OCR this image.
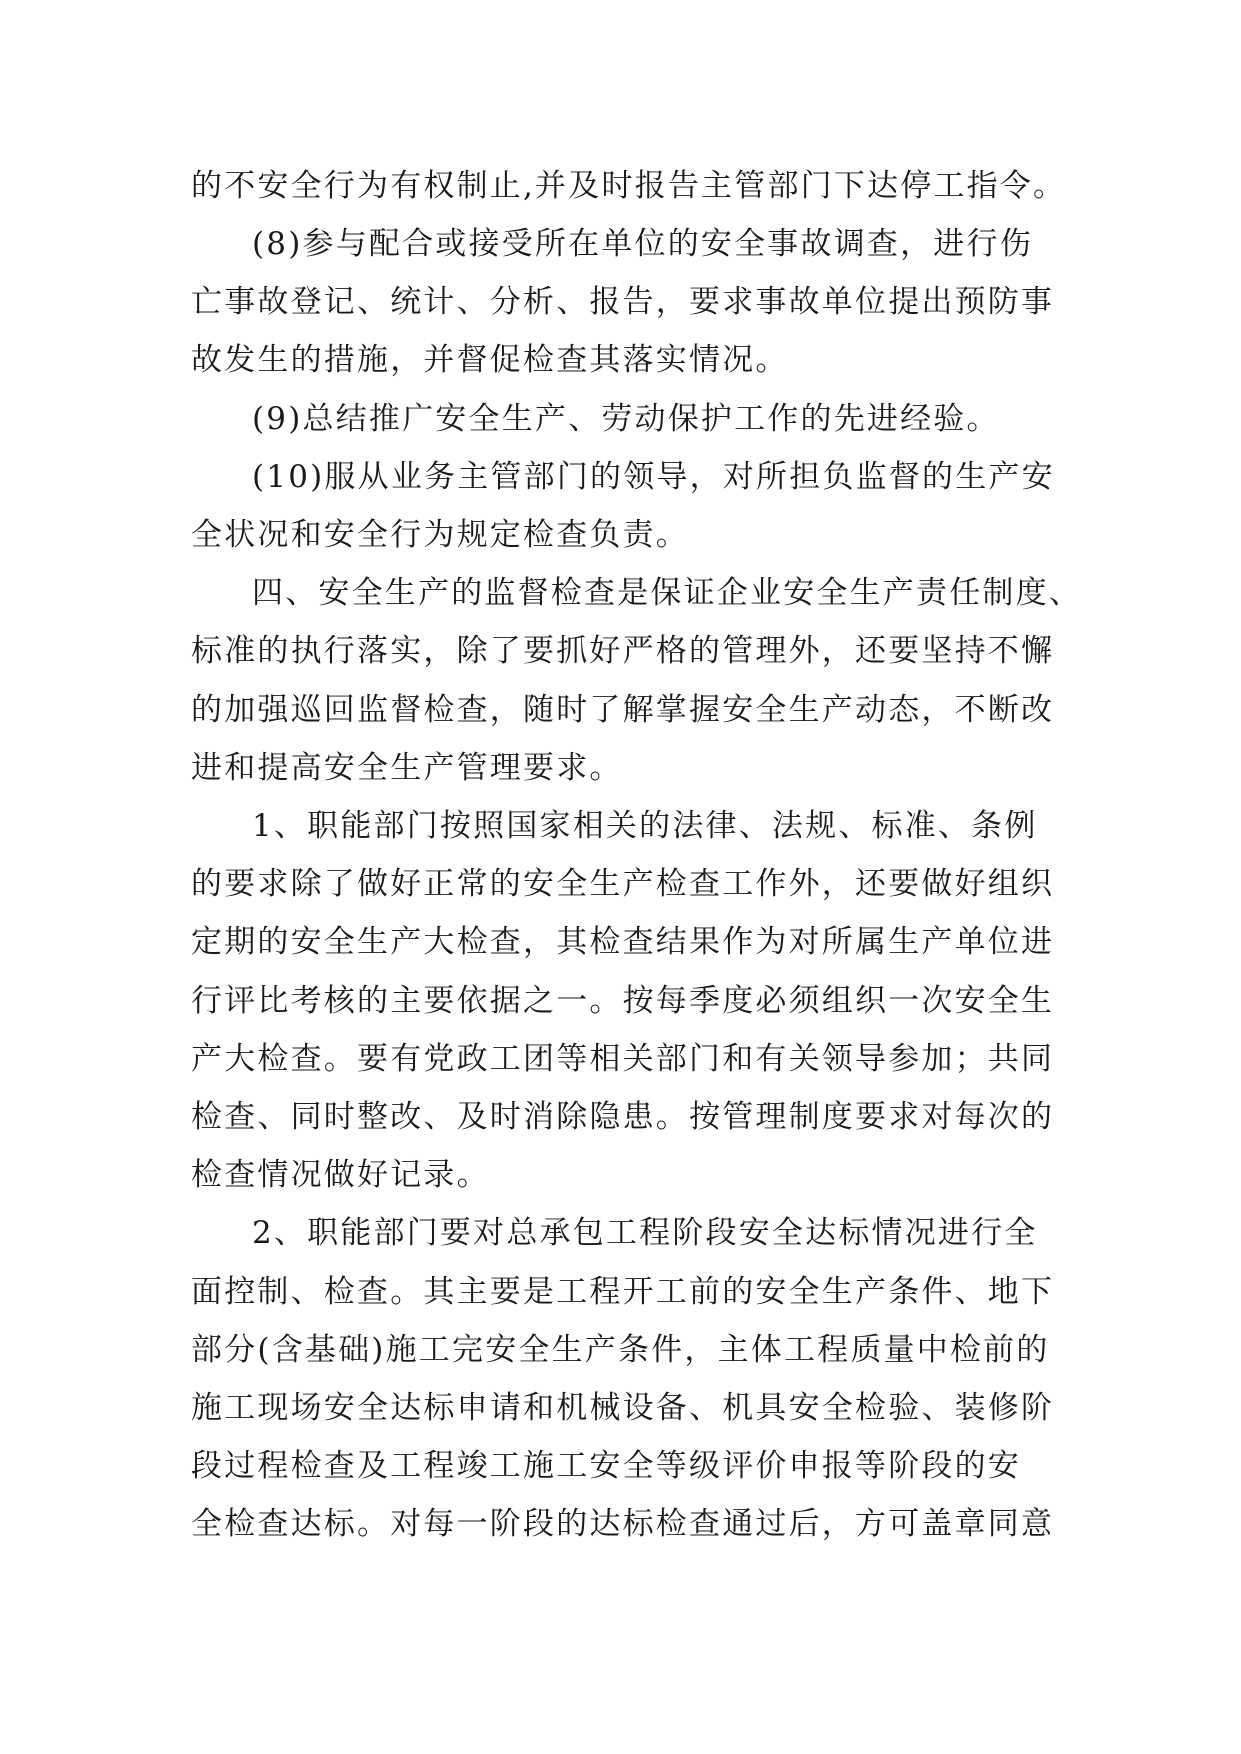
的不安全行为有权制止,并及时报告主管部门下达停工指令。
(8)参与配合或接受所在单位的安全事故调查，进行伤
亡事故登记、统计、分析、报告，要求事故单位提出预防事
故发生的措施，并督促检查其落实情况。
(9)总结推广安全生产、劳动保护工作的先进经验。
(10)服从业务主管部门的领导，对所担负监督的生产安
全状况和安全行为规定检查负责。
四、安全生产的监督检查是保证企业安全生产责任制度、
标准的执行落实，除了要抓好严格的管理外，还要坚持不懈
的加强巡回监督检查，随时了解掌握安全生产动态，不断改
进和提高安全生产管理要求。
1、职能部门按照国家相关的法律、法规、标准、条例
的要求除了做好正常的安全生产检查工作外，还要做好组织
定期的安全生产大检查，其检查结果作为对所属生产单位进
行评比考核的主要依据之一。按每季度必须组织一次安全生
产大检查。要有党政工团等相关部门和有关领导参加；共同
检查、同时整改、及时消除隐患。按管理制度要求对每次的
检查情况做好记录。
2、职能部门要对总承包工程阶段安全达标情况进行全
面控制、检查。其主要是工程开工前的安全生产条件、地下
部分(含基础)施工完安全生产条件，主体工程质量中检前的
施工现场安全达标申请和机械设备、机具安全检验、装修阶
段过程检查及工程竣工施工安全等级评价申报等阶段的安
全检查达标。对每一阶段的达标检查通过后，方可盖章同意
